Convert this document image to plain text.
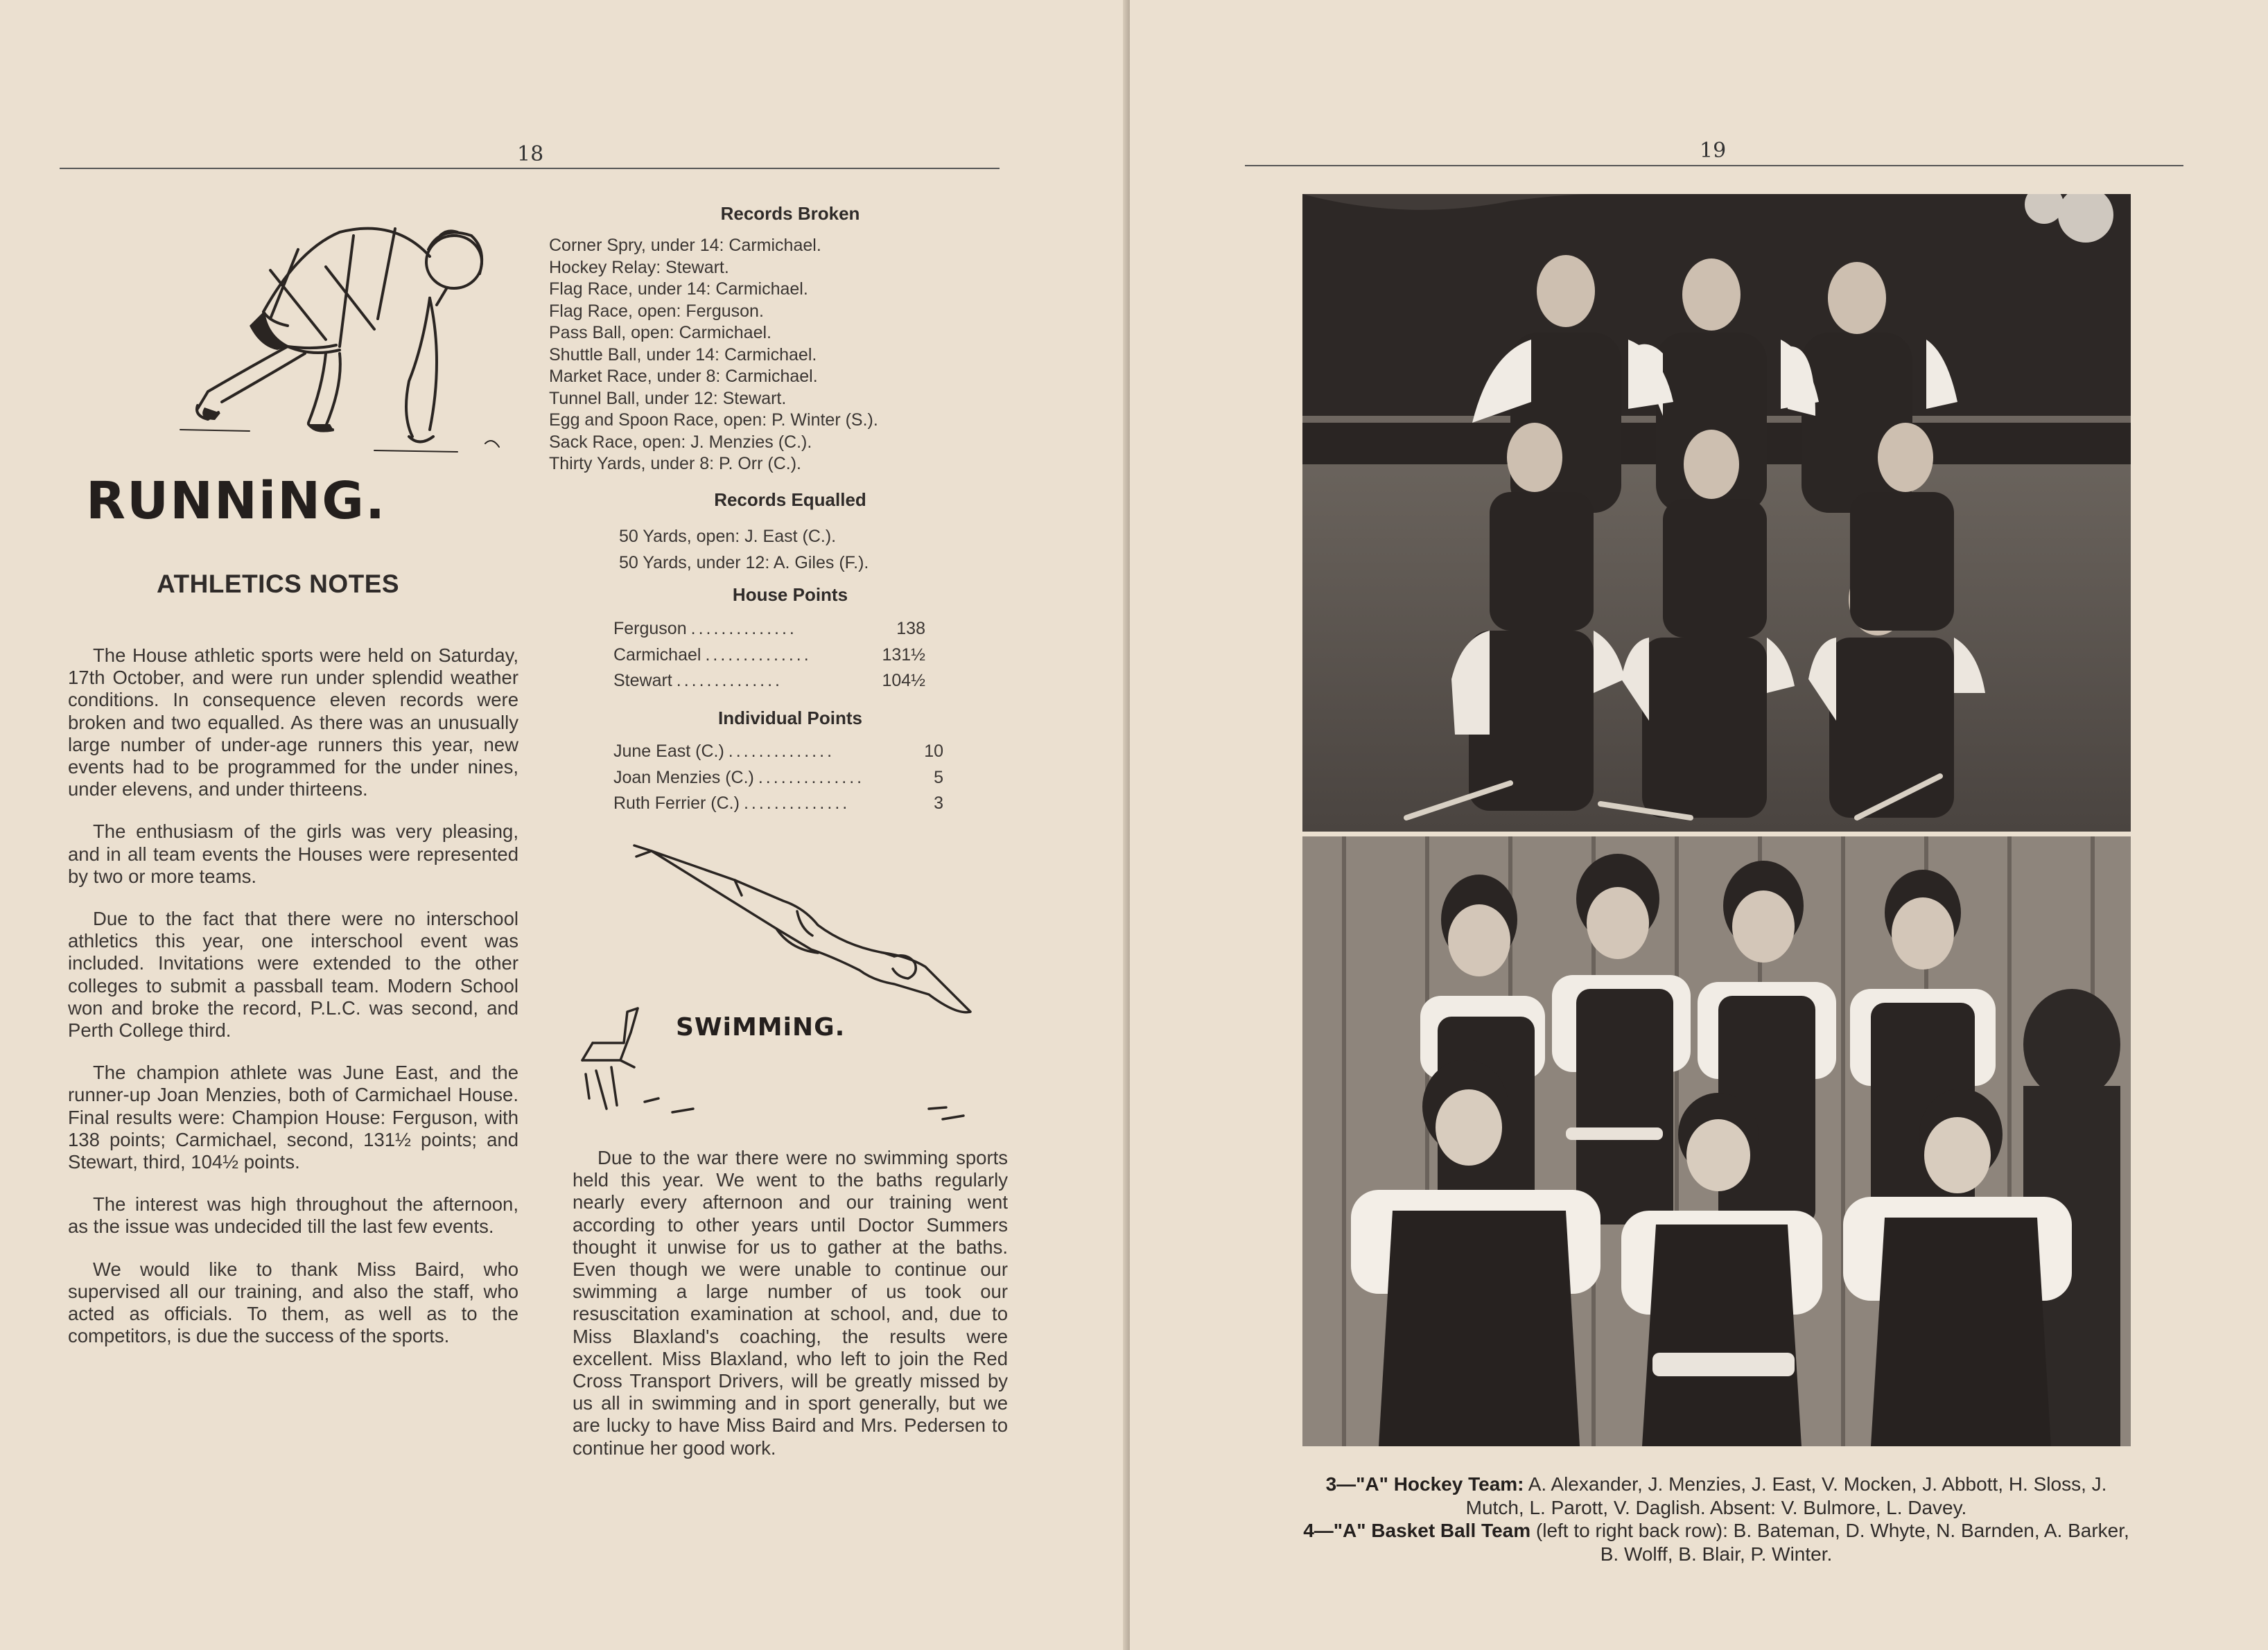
18
RUNNiNG.
ATHLETICS NOTES

The House athletic sports were held on Saturday, 17th October, and were run under splendid weather conditions. In consequence eleven records were broken and two equalled. As there was an unusually large number of under-age runners this year, new events had to be programmed for the under nines, under elevens, and under thirteens.

The enthusiasm of the girls was very pleasing, and in all team events the Houses were represented by two or more teams.

Due to the fact that there were no interschool athletics this year, one interschool event was included. Invitations were extended to the other colleges to submit a passball team. Modern School won and broke the record, P.L.C. was second, and Perth College third.

The champion athlete was June East, and the runner-up Joan Menzies, both of Carmichael House. Final results were: Champion House: Ferguson, with 138 points; Carmichael, second, 131½ points; and Stewart, third, 104½ points.

The interest was high throughout the afternoon, as the issue was undecided till the last few events.

We would like to thank Miss Baird, who supervised all our training, and also the staff, who acted as officials. To them, as well as to the competitors, is due the success of the sports.

Records Broken
Corner Spry, under 14: Carmichael.
Hockey Relay: Stewart.
Flag Race, under 14: Carmichael.
Flag Race, open: Ferguson.
Pass Ball, open: Carmichael.
Shuttle Ball, under 14: Carmichael.
Market Race, under 8: Carmichael.
Tunnel Ball, under 12: Stewart.
Egg and Spoon Race, open: P. Winter (S.).
Sack Race, open: J. Menzies (C.).
Thirty Yards, under 8: P. Orr (C.).
Records Equalled
50 Yards, open: J. East (C.).
50 Yards, under 12: A. Giles (F.).
House Points
Ferguson ..............	138
Carmichael ..............	131½
Stewart ..............	104½
Individual Points
June East (C.) ..............	10
Joan Menzies (C.) ..............	5
Ruth Ferrier (C.) ..............	3
SWiMMiNG.

Due to the war there were no swimming sports held this year. We went to the baths regularly nearly every afternoon and our training went according to other years until Doctor Summers thought it unwise for us to gather at the baths. Even though we were unable to continue our swimming a large number of us took our resuscitation examination at school, and, due to Miss Blaxland's coaching, the results were excellent. Miss Blaxland, who left to join the Red Cross Transport Drivers, will be greatly missed by us all in swimming and in sport generally, but we are lucky to have Miss Baird and Mrs. Pedersen to continue her good work.

19
3—"A" Hockey Team: A. Alexander, J. Menzies, J. East, V. Mocken, J. Abbott, H. Sloss, J. Mutch, L. Parott, V. Daglish. Absent: V. Bulmore, L. Davey.
4—"A" Basket Ball Team (left to right back row): B. Bateman, D. Whyte, N. Barnden, A. Barker, B. Wolff, B. Blair, P. Winter.
